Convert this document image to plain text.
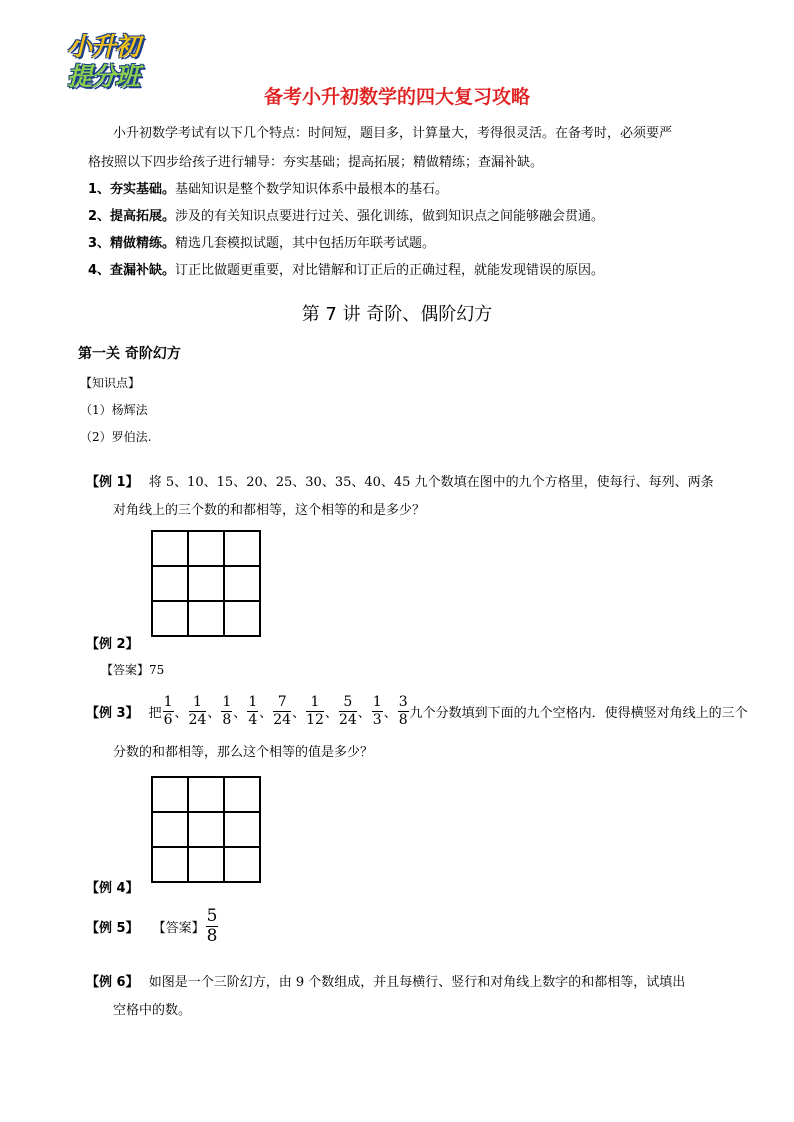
小升初
提分班
备考小升初数学的四大复习攻略
小升初数学考试有以下几个特点：时间短，题目多，计算量大，考得很灵活。在备考时，必须要严
格按照以下四步给孩子进行辅导：夯实基础；提高拓展；精做精练；查漏补缺。
1、夯实基础。基础知识是整个数学知识体系中最根本的基石。
2、提高拓展。涉及的有关知识点要进行过关、强化训练，做到知识点之间能够融会贯通。
3、精做精练。精选几套模拟试题，其中包括历年联考试题。
4、查漏补缺。订正比做题更重要，对比错解和订正后的正确过程，就能发现错误的原因。
第 7 讲 奇阶、偶阶幻方
第一关 奇阶幻方
【知识点】
（1）杨辉法
（2）罗伯法.
【例 1】 将 5、10、15、20、25、30、35、40、45 九个数填在图中的九个方格里，使每行、每列、两条
对角线上的三个数的和都相等，这个相等的和是多少？

【例 2】
【答案】75
【例 3】 把 $\frac{1}{6}$ 、 $\frac{1}{24}$ 、 $\frac{1}{8}$ 、 $\frac{1}{4}$ 、 $\frac{7}{24}$ 、 $\frac{1}{12}$ 、 $\frac{5}{24}$ 、 $\frac{1}{3}$ 、 $\frac{3}{8}$ 九个分数填到下面的九个空格内．使得横竖对角线上的三个
分数的和都相等，那么这个相等的值是多少？

【例 4】
【例 5】 【答案】 $\frac{5}{8}$
【例 6】 如图是一个三阶幻方，由 9 个数组成，并且每横行、竖行和对角线上数字的和都相等，试填出
空格中的数。
